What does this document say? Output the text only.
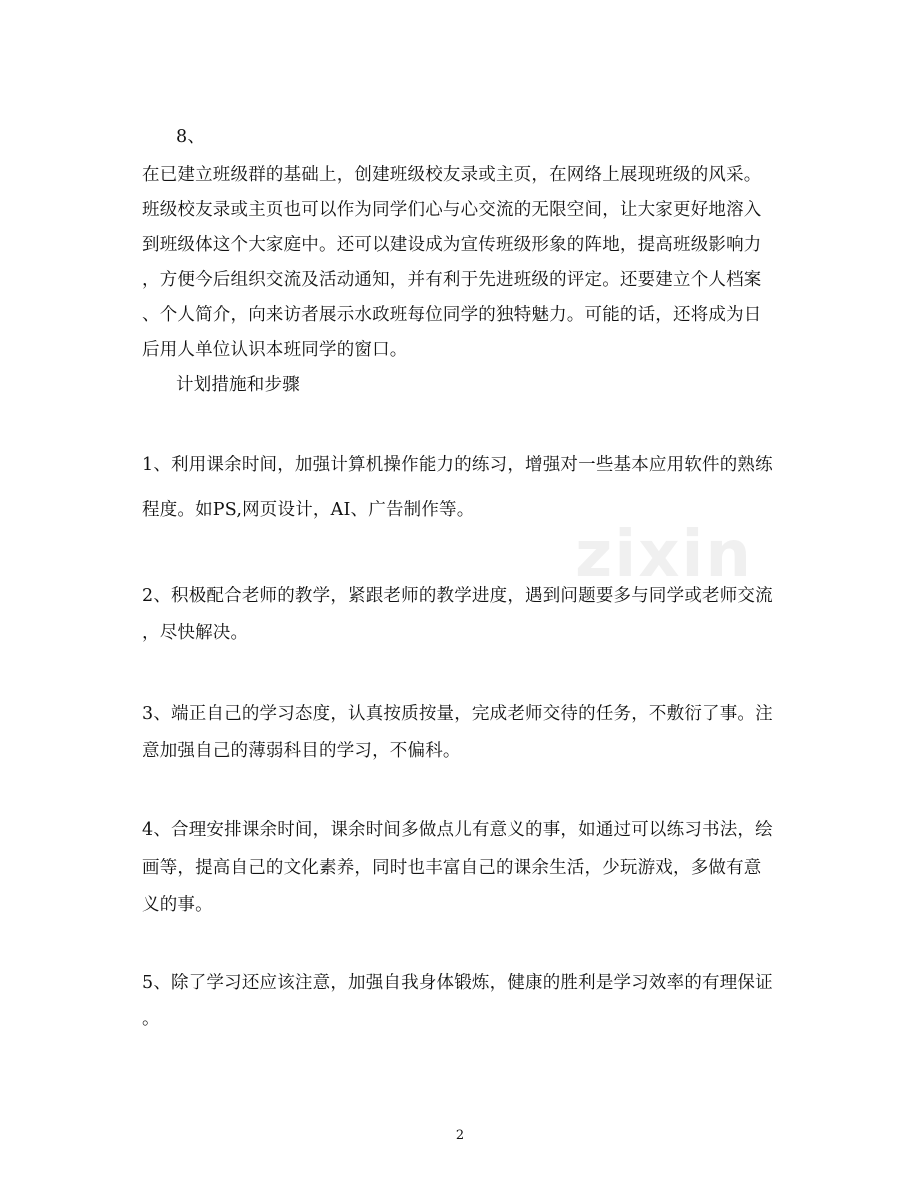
zixin
8、
在已建立班级群的基础上，创建班级校友录或主页，在网络上展现班级的风采。
班级校友录或主页也可以作为同学们心与心交流的无限空间，让大家更好地溶入
到班级体这个大家庭中。还可以建设成为宣传班级形象的阵地，提高班级影响力
，方便今后组织交流及活动通知，并有利于先进班级的评定。还要建立个人档案
、个人简介，向来访者展示水政班每位同学的独特魅力。可能的话，还将成为日
后用人单位认识本班同学的窗口。
计划措施和步骤
1、利用课余时间，加强计算机操作能力的练习，增强对一些基本应用软件的熟练
程度。如PS,网页设计，AI、广告制作等。
2、积极配合老师的教学，紧跟老师的教学进度，遇到问题要多与同学或老师交流
，尽快解决。
3、端正自己的学习态度，认真按质按量，完成老师交待的任务，不敷衍了事。注
意加强自己的薄弱科目的学习，不偏科。
4、合理安排课余时间，课余时间多做点儿有意义的事，如通过可以练习书法，绘
画等，提高自己的文化素养，同时也丰富自己的课余生活，少玩游戏，多做有意
义的事。
5、除了学习还应该注意，加强自我身体锻炼，健康的胜利是学习效率的有理保证
。
2
